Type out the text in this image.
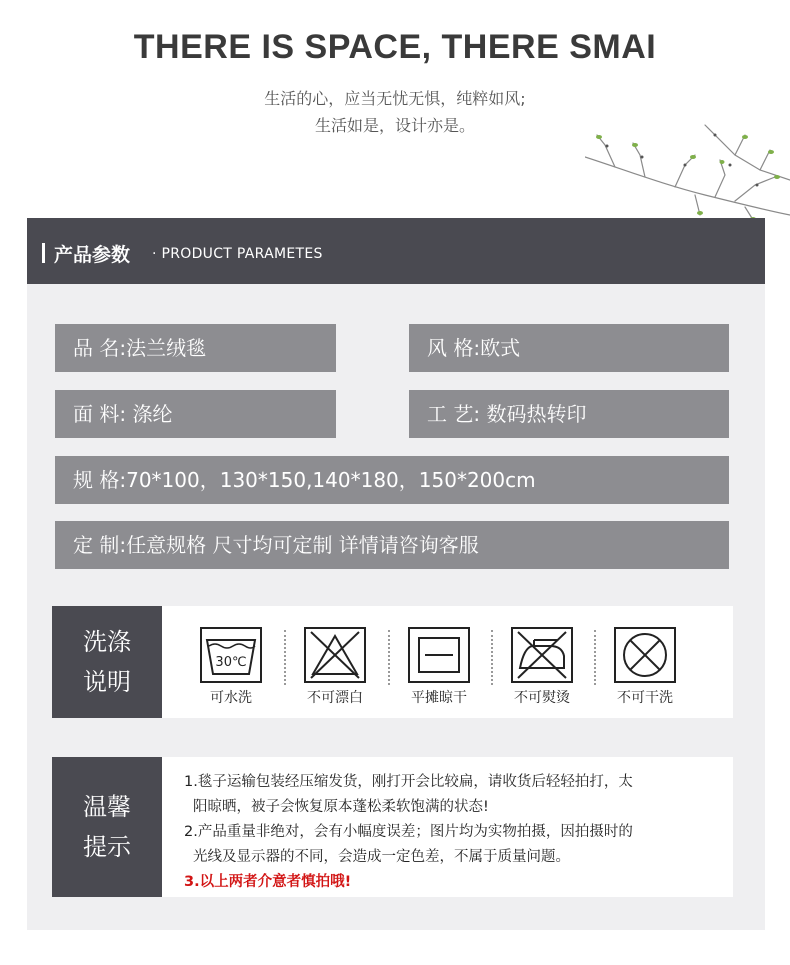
THERE IS SPACE, THERE SMAI
生活的心，应当无忧无惧，纯粹如风;
生活如是，设计亦是。
产品参数 · PRODUCT PARAMETES
品 名:法兰绒毯	风 格:欧式
面 料: 涤纶	工 艺: 数码热转印
规 格:70*100，130*150,140*180，150*200cm
定 制:任意规格 尺寸均可定制 详情请咨询客服
洗涤
说明
30℃
可水洗	不可漂白	平摊晾干	不可熨烫	不可干洗
温馨
提示
1.毯子运输包装经压缩发货，刚打开会比较扁，请收货后轻轻拍打，太
阳晾晒，被子会恢复原本蓬松柔软饱满的状态!
2.产品重量非绝对，会有小幅度误差；图片均为实物拍摄，因拍摄时的
光线及显示器的不同，会造成一定色差，不属于质量问题。
3.以上两者介意者慎拍哦!
